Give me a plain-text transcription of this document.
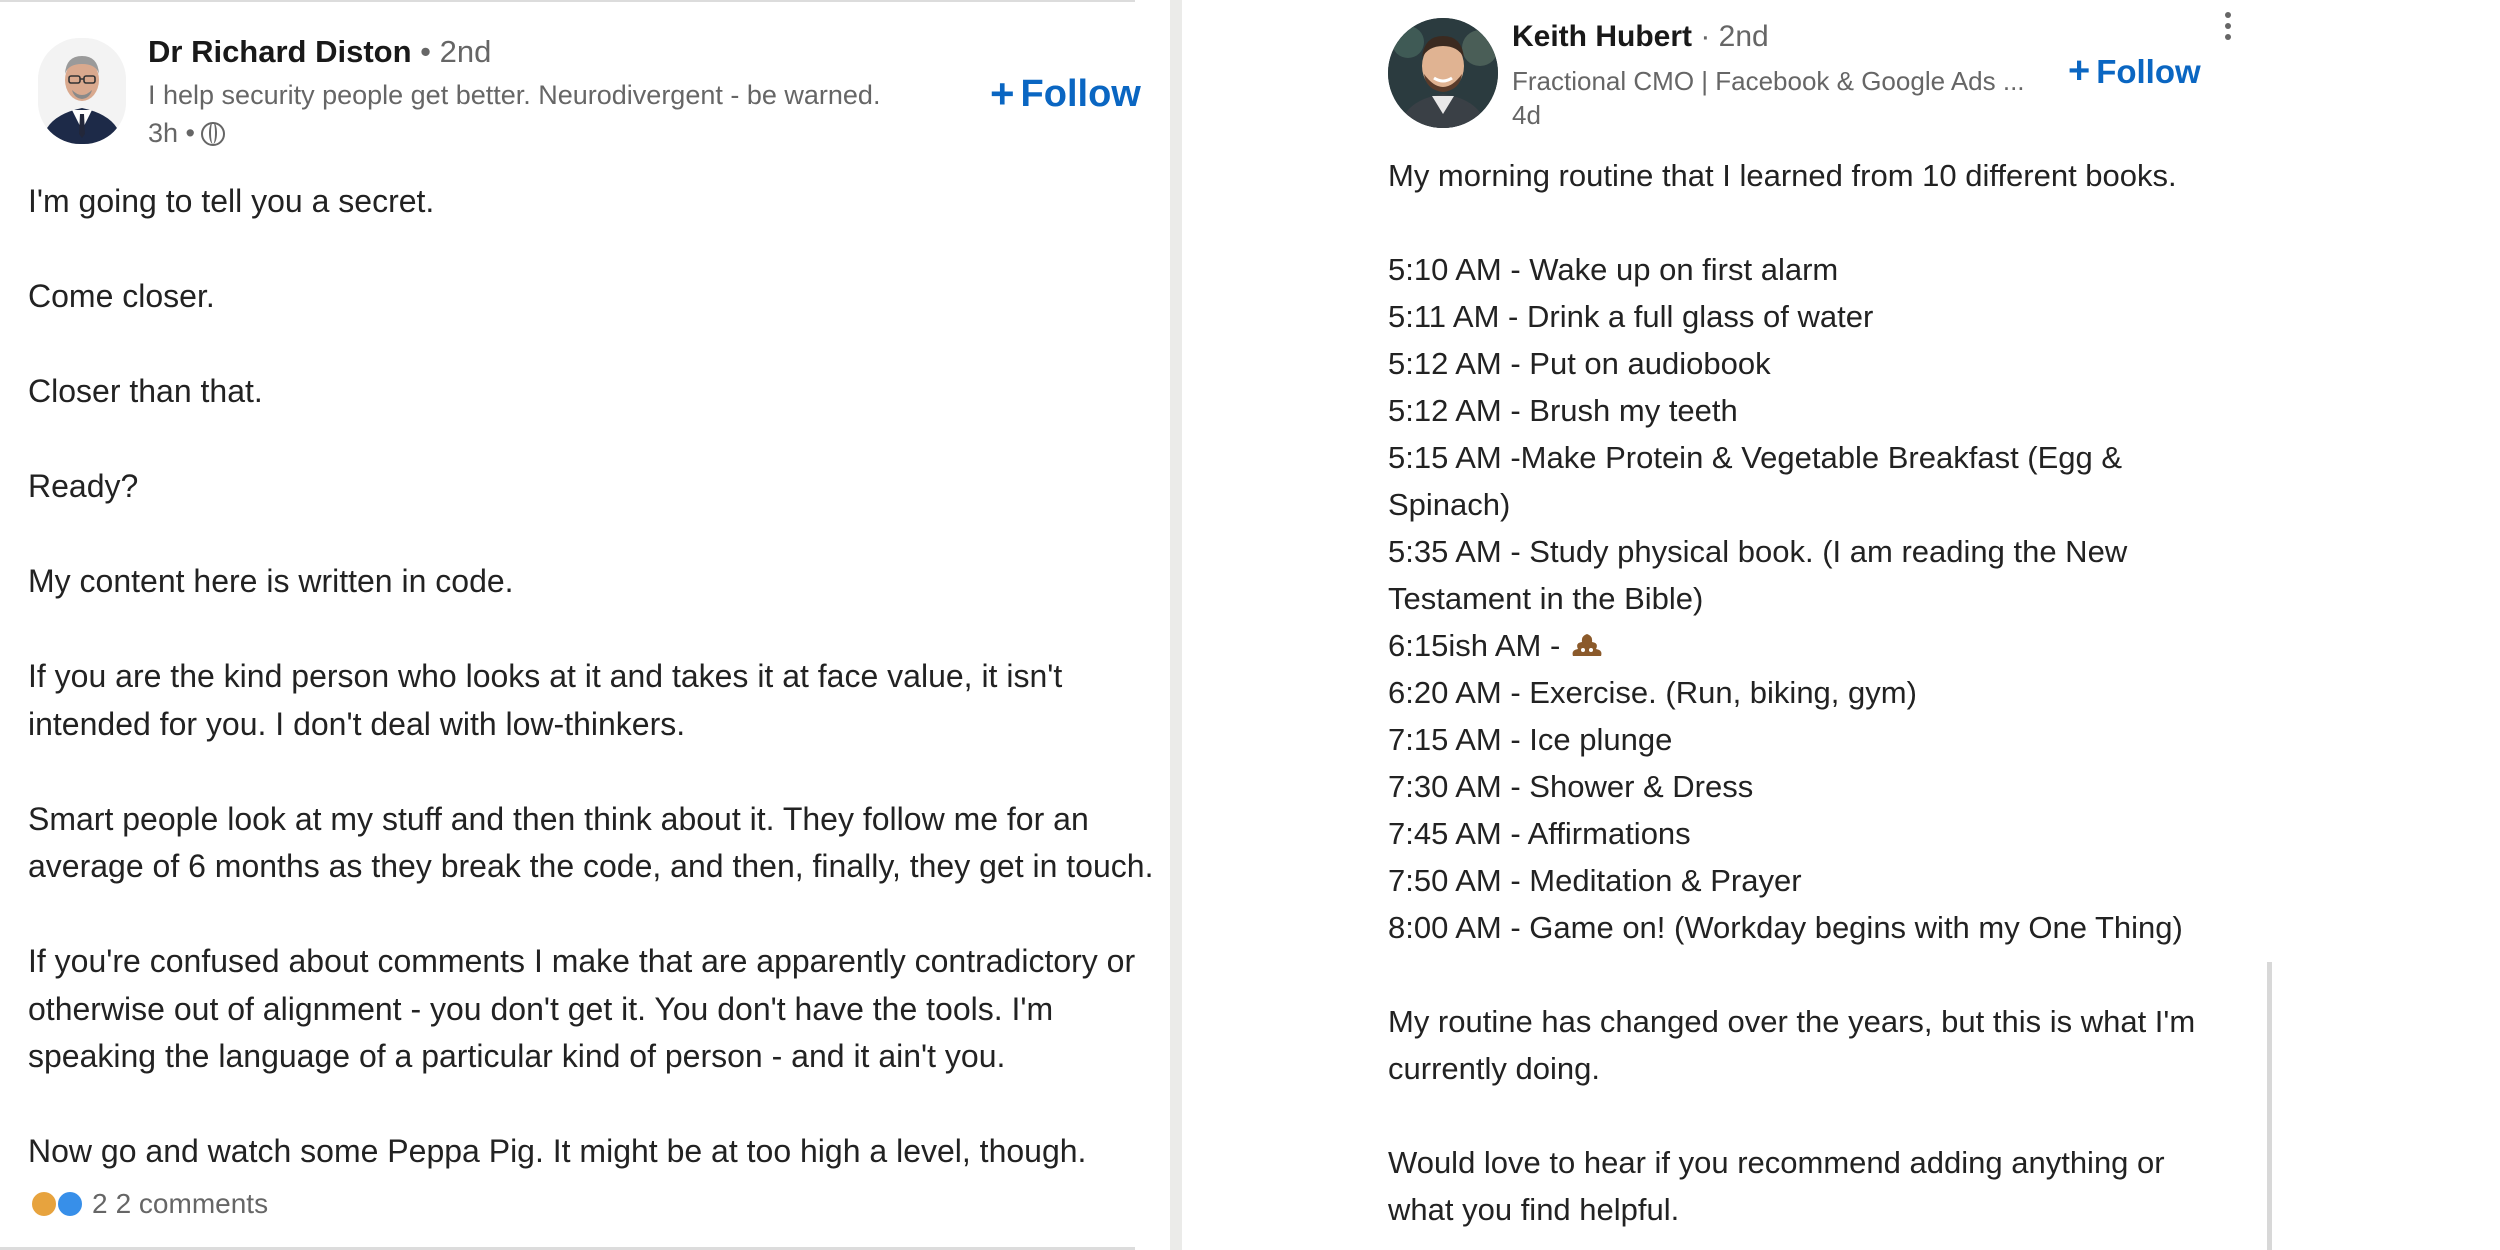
Dr Richard Diston • 2nd
I help security people get better. Neurodivergent - be warned.
3h •
+ Follow
I'm going to tell you a secret.
Come closer.
Closer than that.
Ready?
My content here is written in code.
If you are the kind person who looks at it and takes it at face value, it isn't
intended for you. I don't deal with low-thinkers.
Smart people look at my stuff and then think about it. They follow me for an
average of 6 months as they break the code, and then, finally, they get in touch.
If you're confused about comments I make that are apparently contradictory or
otherwise out of alignment - you don't get it. You don't have the tools. I'm
speaking the language of a particular kind of person - and it ain't you.
Now go and watch some Peppa Pig. It might be at too high a level, though.
2 2 comments
Keith Hubert · 2nd
Fractional CMO | Facebook & Google Ads ...
4d
+ Follow
My morning routine that I learned from 10 different books.
5:10 AM - Wake up on first alarm
5:11 AM - Drink a full glass of water
5:12 AM - Put on audiobook
5:12 AM - Brush my teeth
5:15 AM -Make Protein & Vegetable Breakfast (Egg &
Spinach)
5:35 AM - Study physical book. (I am reading the New
Testament in the Bible)
6:15ish AM -
6:20 AM - Exercise. (Run, biking, gym)
7:15 AM - Ice plunge
7:30 AM - Shower & Dress
7:45 AM - Affirmations
7:50 AM - Meditation & Prayer
8:00 AM - Game on! (Workday begins with my One Thing)
My routine has changed over the years, but this is what I'm
currently doing.
Would love to hear if you recommend adding anything or
what you find helpful.
